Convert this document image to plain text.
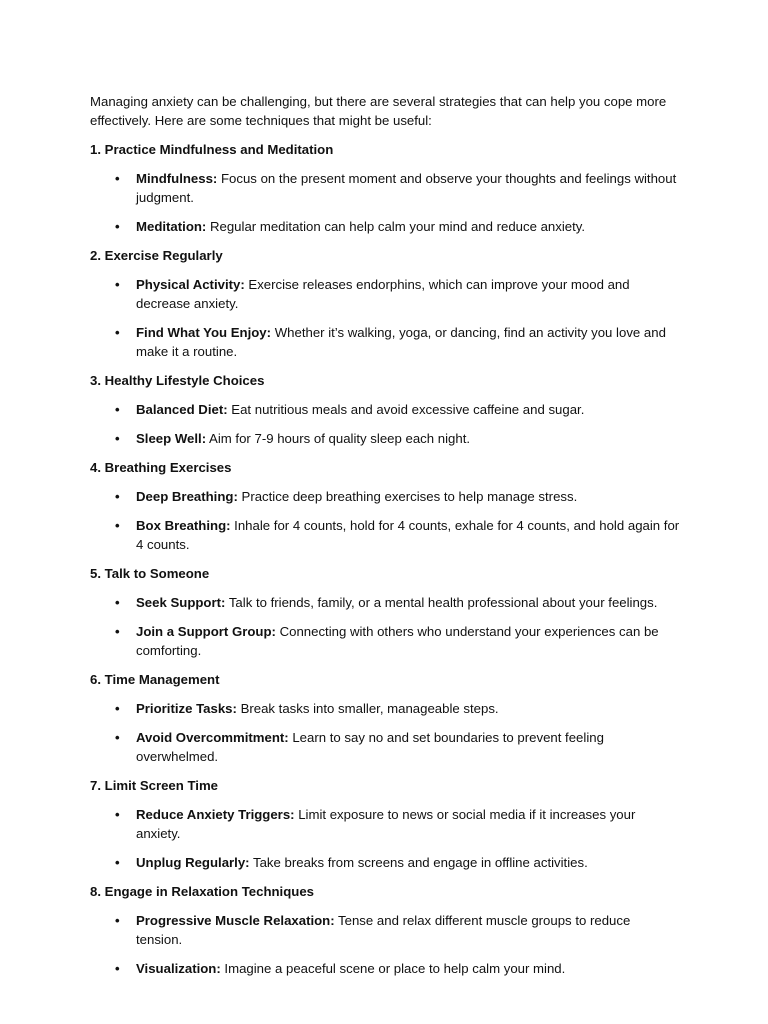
Managing anxiety can be challenging, but there are several strategies that can help you cope more effectively. Here are some techniques that might be useful:

1. Practice Mindfulness and Meditation

• Mindfulness: Focus on the present moment and observe your thoughts and feelings without judgment.
• Meditation: Regular meditation can help calm your mind and reduce anxiety.

2. Exercise Regularly

• Physical Activity: Exercise releases endorphins, which can improve your mood and decrease anxiety.
• Find What You Enjoy: Whether it’s walking, yoga, or dancing, find an activity you love and make it a routine.

3. Healthy Lifestyle Choices

• Balanced Diet: Eat nutritious meals and avoid excessive caffeine and sugar.
• Sleep Well: Aim for 7-9 hours of quality sleep each night.

4. Breathing Exercises

• Deep Breathing: Practice deep breathing exercises to help manage stress.
• Box Breathing: Inhale for 4 counts, hold for 4 counts, exhale for 4 counts, and hold again for 4 counts.

5. Talk to Someone

• Seek Support: Talk to friends, family, or a mental health professional about your feelings.
• Join a Support Group: Connecting with others who understand your experiences can be comforting.

6. Time Management

• Prioritize Tasks: Break tasks into smaller, manageable steps.
• Avoid Overcommitment: Learn to say no and set boundaries to prevent feeling overwhelmed.

7. Limit Screen Time

• Reduce Anxiety Triggers: Limit exposure to news or social media if it increases your anxiety.
• Unplug Regularly: Take breaks from screens and engage in offline activities.

8. Engage in Relaxation Techniques

• Progressive Muscle Relaxation: Tense and relax different muscle groups to reduce tension.
• Visualization: Imagine a peaceful scene or place to help calm your mind.
